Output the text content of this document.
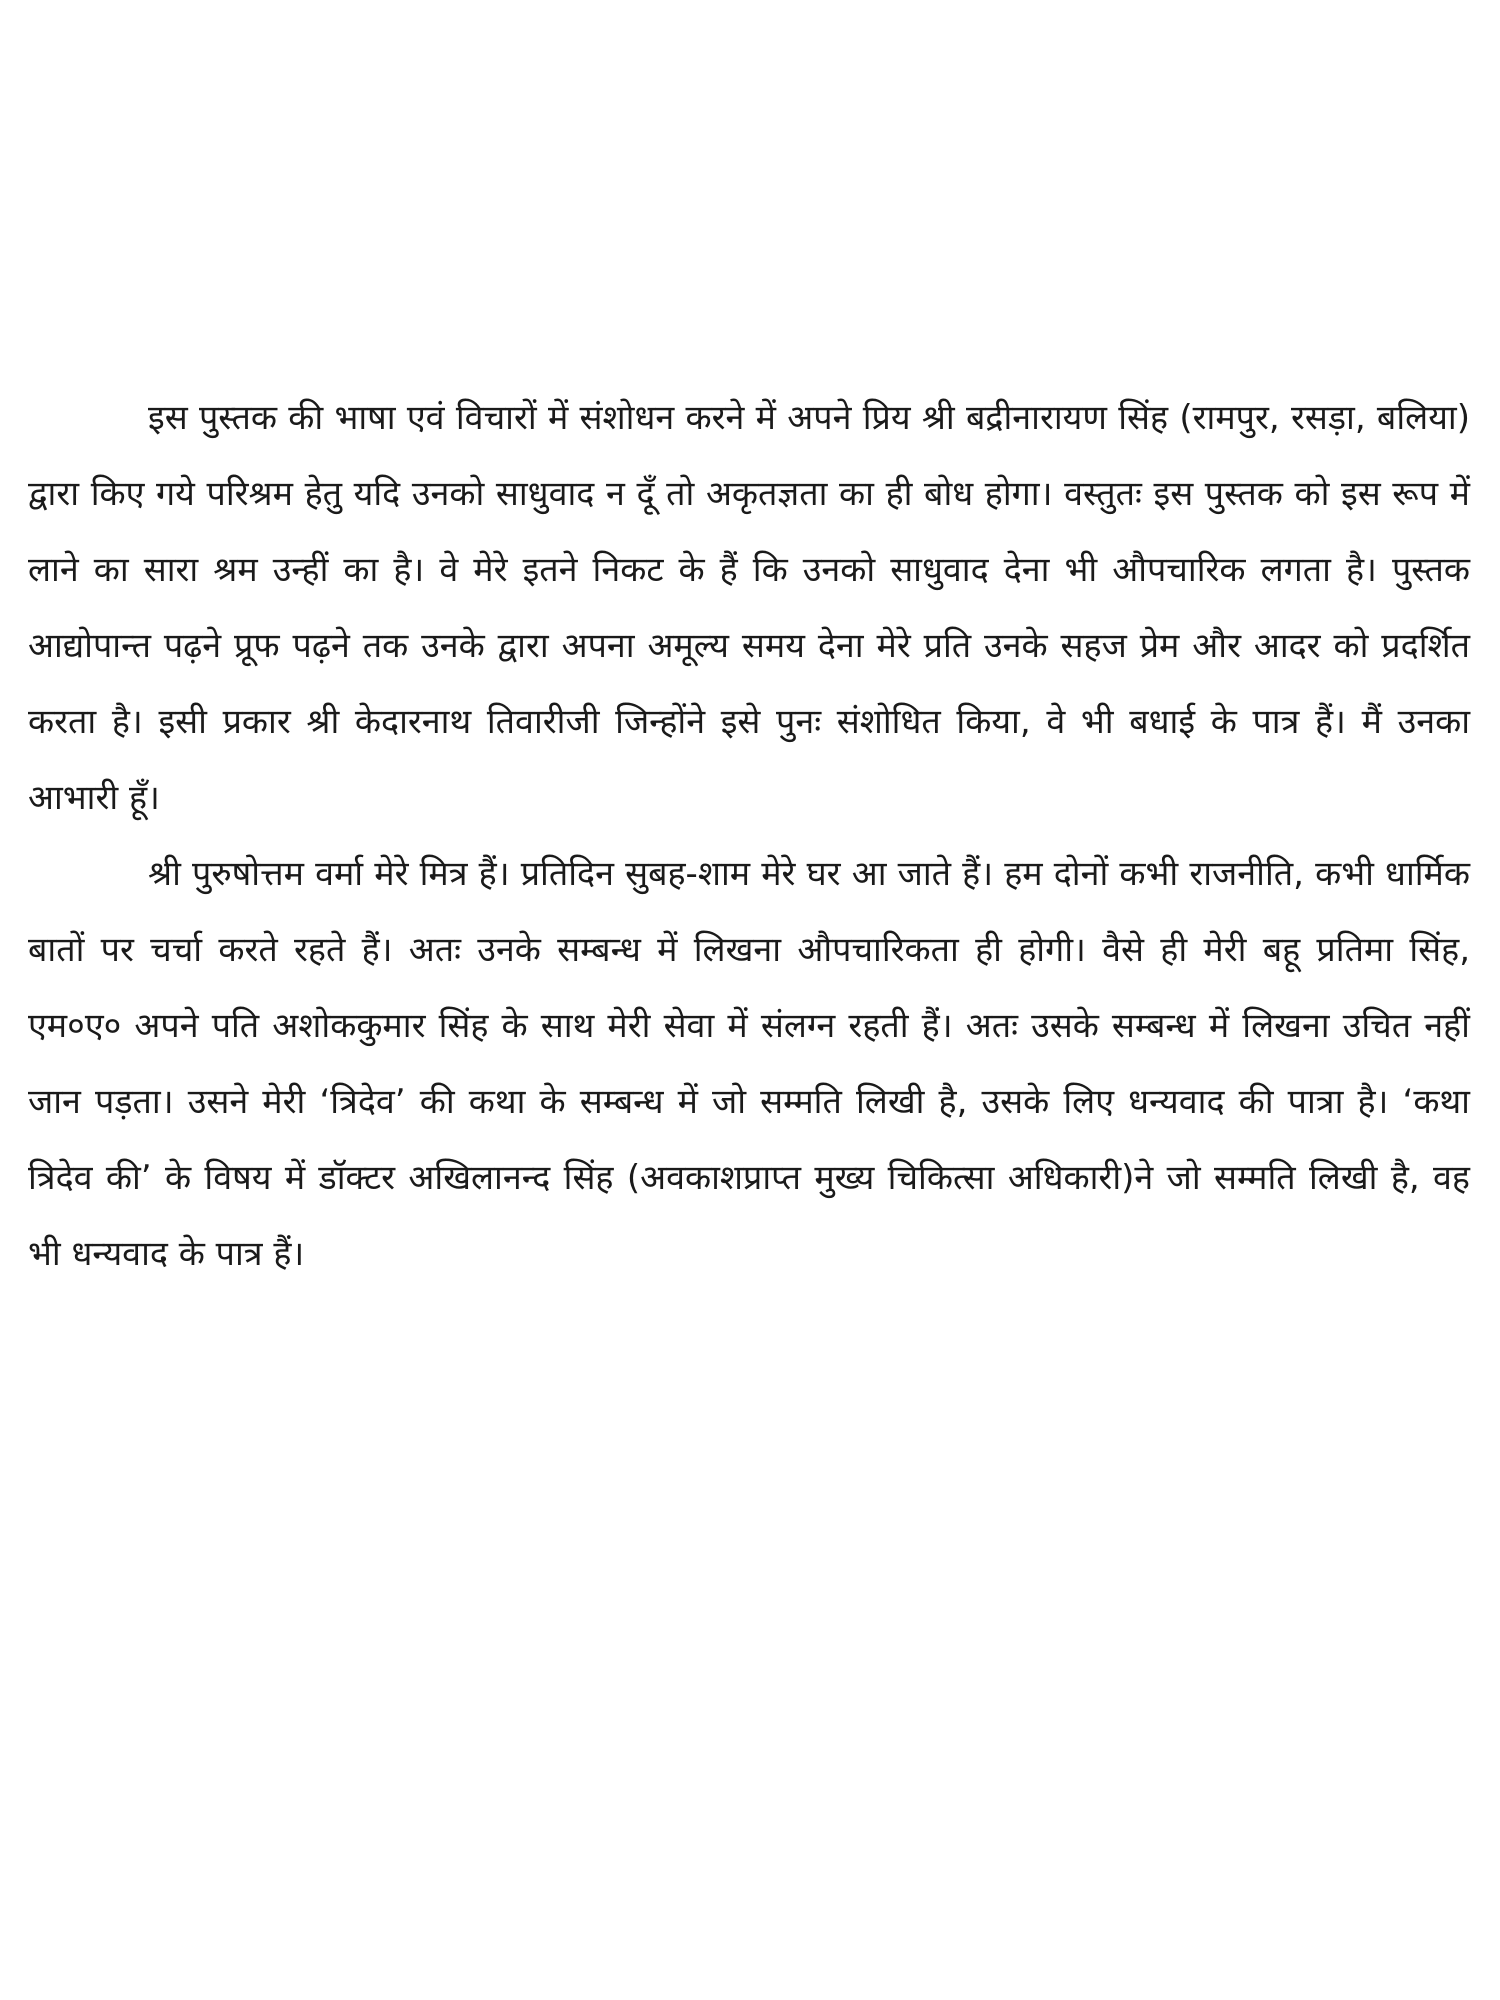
इस पुस्तक की भाषा एवं विचारों में संशोधन करने में अपने प्रिय श्री बद्रीनारायण सिंह (रामपुर, रसड़ा, बलिया) द्वारा किए गये परिश्रम हेतु यदि उनको साधुवाद न दूँ तो अकृतज्ञता का ही बोध होगा। वस्तुतः इस पुस्तक को इस रूप में लाने का सारा श्रम उन्हीं का है। वे मेरे इतने निकट के हैं कि उनको साधुवाद देना भी औपचारिक लगता है। पुस्तक आद्योपान्त पढ़ने प्रूफ पढ़ने तक उनके द्वारा अपना अमूल्य समय देना मेरे प्रति उनके सहज प्रेम और आदर को प्रदर्शित करता है। इसी प्रकार श्री केदारनाथ तिवारीजी जिन्होंने इसे पुनः संशोधित किया, वे भी बधाई के पात्र हैं। मैं उनका आभारी हूँ।

श्री पुरुषोत्तम वर्मा मेरे मित्र हैं। प्रतिदिन सुबह-शाम मेरे घर आ जाते हैं। हम दोनों कभी राजनीति, कभी धार्मिक बातों पर चर्चा करते रहते हैं। अतः उनके सम्बन्ध में लिखना औपचारिकता ही होगी। वैसे ही मेरी बहू प्रतिमा सिंह, एम०ए० अपने पति अशोककुमार सिंह के साथ मेरी सेवा में संलग्न रहती हैं। अतः उसके सम्बन्ध में लिखना उचित नहीं जान पड़ता। उसने मेरी ‘त्रिदेव’ की कथा के सम्बन्ध में जो सम्मति लिखी है, उसके लिए धन्यवाद की पात्रा है। ‘कथा त्रिदेव की’ के विषय में डॉक्टर अखिलानन्द सिंह (अवकाशप्राप्त मुख्य चिकित्सा अधिकारी)ने जो सम्मति लिखी है, वह भी धन्यवाद के पात्र हैं।
